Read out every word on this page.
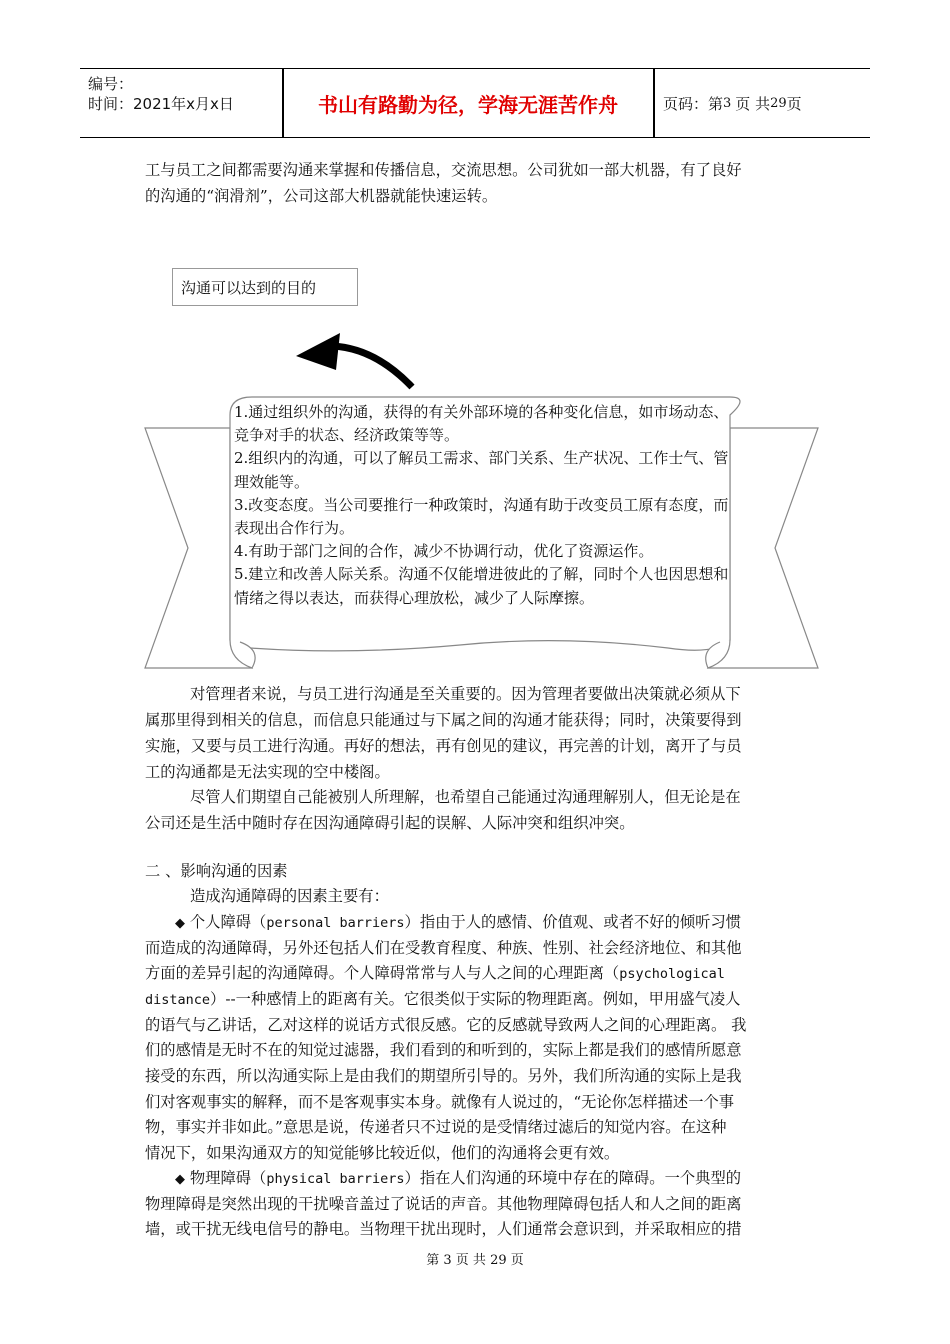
编号：
时间：2021年x月x日	书山有路勤为径，学海无涯苦作舟	页码：第 3 页 共 29 页

工与员工之间都需要沟通来掌握和传播信息，交流思想。公司犹如一部大机器，有了良好

的沟通的“润滑剂”，公司这部大机器就能快速运转。

沟通可以达到的目的
1.通过组织外的沟通，获得的有关外部环境的各种变化信息，如市场动态、竞争对手的状态、经济政策等等。
2.组织内的沟通，可以了解员工需求、部门关系、生产状况、工作士气、管理效能等。
3.改变态度。当公司要推行一种政策时，沟通有助于改变员工原有态度，而表现出合作行为。
4.有助于部门之间的合作，减少不协调行动，优化了资源运作。
5.建立和改善人际关系。沟通不仅能增进彼此的了解，同时个人也因思想和情绪之得以表达，而获得心理放松，减少了人际摩擦。

对管理者来说，与员工进行沟通是至关重要的。因为管理者要做出决策就必须从下

属那里得到相关的信息，而信息只能通过与下属之间的沟通才能获得；同时，决策要得到

实施，又要与员工进行沟通。再好的想法，再有创见的建议，再完善的计划，离开了与员

工的沟通都是无法实现的空中楼阁。

尽管人们期望自己能被别人所理解，也希望自己能通过沟通理解别人，但无论是在

公司还是生活中随时存在因沟通障碍引起的误解、人际冲突和组织冲突。

二 、影响沟通的因素

造成沟通障碍的因素主要有：

◆ 个人障碍（personal barriers）指由于人的感情、价值观、或者不好的倾听习惯

而造成的沟通障碍，另外还包括人们在受教育程度、种族、性别、社会经济地位、和其他

方面的差异引起的沟通障碍。个人障碍常常与人与人之间的心理距离（psychological

distance）--一种感情上的距离有关。它很类似于实际的物理距离。例如，甲用盛气凌人

的语气与乙讲话，乙对这样的说话方式很反感。它的反感就导致两人之间的心理距离。 我

们的感情是无时不在的知觉过滤器，我们看到的和听到的，实际上都是我们的感情所愿意

接受的东西，所以沟通实际上是由我们的期望所引导的。另外，我们所沟通的实际上是我

们对客观事实的解释，而不是客观事实本身。就像有人说过的，“无论你怎样描述一个事

物，事实并非如此。”意思是说，传递者只不过说的是受情绪过滤后的知觉内容。在这种

情况下，如果沟通双方的知觉能够比较近似，他们的沟通将会更有效。

◆ 物理障碍（physical barriers）指在人们沟通的环境中存在的障碍。一个典型的

物理障碍是突然出现的干扰噪音盖过了说话的声音。其他物理障碍包括人和人之间的距离

墙，或干扰无线电信号的静电。当物理干扰出现时，人们通常会意识到，并采取相应的措

第 3 页 共 29 页
